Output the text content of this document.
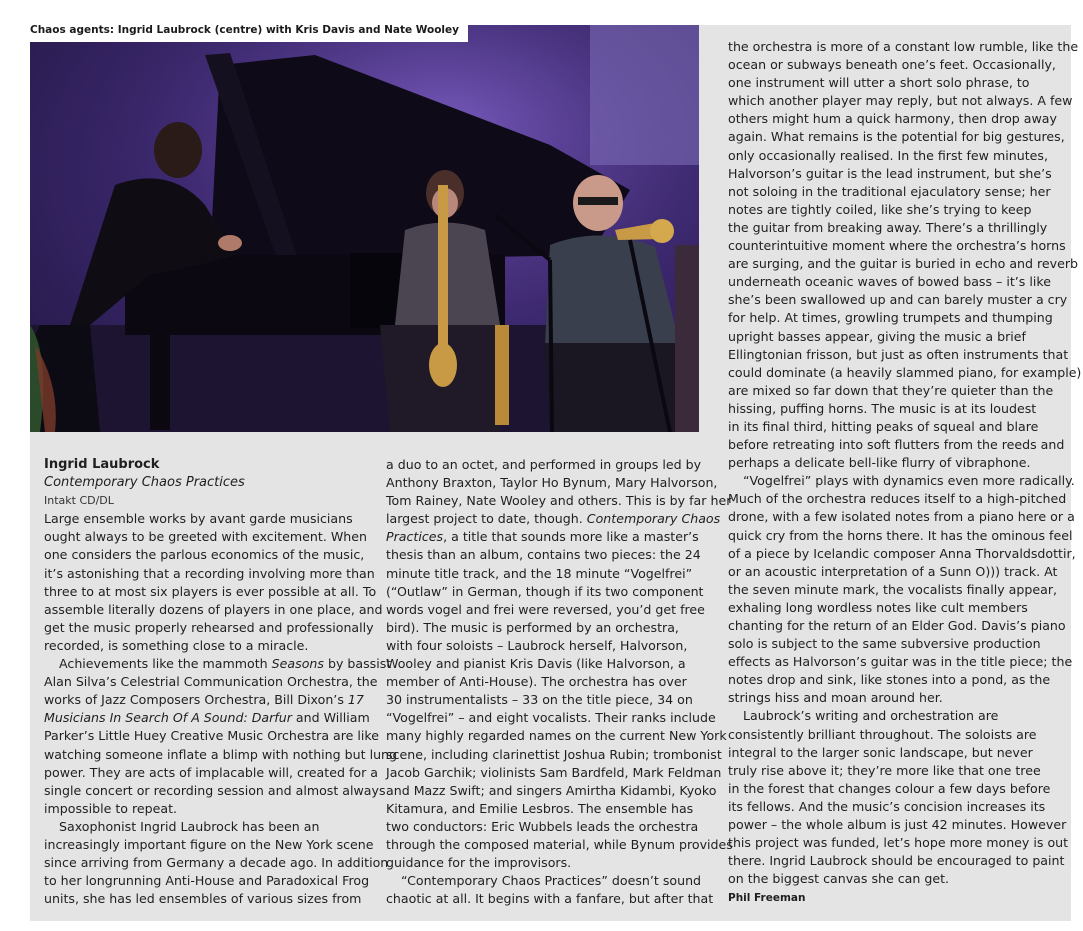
Chaos agents: Ingrid Laubrock (centre) with Kris Davis and Nate Wooley
Ingrid Laubrock
Contemporary Chaos Practices
Intakt CD/DL
Large ensemble works by avant garde musicians
ought always to be greeted with excitement. When
one considers the parlous economics of the music,
it’s astonishing that a recording involving more than
three to at most six players is ever possible at all. To
assemble literally dozens of players in one place, and
get the music properly rehearsed and professionally
recorded, is something close to a miracle.
Achievements like the mammoth Seasons by bassist
Alan Silva’s Celestrial Communication Orchestra, the
works of Jazz Composers Orchestra, Bill Dixon’s 17
Musicians In Search Of A Sound: Darfur and William
Parker’s Little Huey Creative Music Orchestra are like
watching someone inflate a blimp with nothing but lung
power. They are acts of implacable will, created for a
single concert or recording session and almost always
impossible to repeat.
Saxophonist Ingrid Laubrock has been an
increasingly important figure on the New York scene
since arriving from Germany a decade ago. In addition
to her longrunning Anti-House and Paradoxical Frog
units, she has led ensembles of various sizes from
a duo to an octet, and performed in groups led by
Anthony Braxton, Taylor Ho Bynum, Mary Halvorson,
Tom Rainey, Nate Wooley and others. This is by far her
largest project to date, though. Contemporary Chaos
Practices, a title that sounds more like a master’s
thesis than an album, contains two pieces: the 24
minute title track, and the 18 minute “Vogelfrei”
(“Outlaw” in German, though if its two component
words vogel and frei were reversed, you’d get free
bird). The music is performed by an orchestra,
with four soloists – Laubrock herself, Halvorson,
Wooley and pianist Kris Davis (like Halvorson, a
member of Anti-House). The orchestra has over
30 instrumentalists – 33 on the title piece, 34 on
“Vogelfrei” – and eight vocalists. Their ranks include
many highly regarded names on the current New York
scene, including clarinettist Joshua Rubin; trombonist
Jacob Garchik; violinists Sam Bardfeld, Mark Feldman
and Mazz Swift; and singers Amirtha Kidambi, Kyoko
Kitamura, and Emilie Lesbros. The ensemble has
two conductors: Eric Wubbels leads the orchestra
through the composed material, while Bynum provides
guidance for the improvisors.
“Contemporary Chaos Practices” doesn’t sound
chaotic at all. It begins with a fanfare, but after that
the orchestra is more of a constant low rumble, like the
ocean or subways beneath one’s feet. Occasionally,
one instrument will utter a short solo phrase, to
which another player may reply, but not always. A few
others might hum a quick harmony, then drop away
again. What remains is the potential for big gestures,
only occasionally realised. In the first few minutes,
Halvorson’s guitar is the lead instrument, but she’s
not soloing in the traditional ejaculatory sense; her
notes are tightly coiled, like she’s trying to keep
the guitar from breaking away. There’s a thrillingly
counterintuitive moment where the orchestra’s horns
are surging, and the guitar is buried in echo and reverb
underneath oceanic waves of bowed bass – it’s like
she’s been swallowed up and can barely muster a cry
for help. At times, growling trumpets and thumping
upright basses appear, giving the music a brief
Ellingtonian frisson, but just as often instruments that
could dominate (a heavily slammed piano, for example)
are mixed so far down that they’re quieter than the
hissing, puffing horns. The music is at its loudest
in its final third, hitting peaks of squeal and blare
before retreating into soft flutters from the reeds and
perhaps a delicate bell-like flurry of vibraphone.
“Vogelfrei” plays with dynamics even more radically.
Much of the orchestra reduces itself to a high-pitched
drone, with a few isolated notes from a piano here or a
quick cry from the horns there. It has the ominous feel
of a piece by Icelandic composer Anna Thorvaldsdottir,
or an acoustic interpretation of a Sunn O))) track. At
the seven minute mark, the vocalists finally appear,
exhaling long wordless notes like cult members
chanting for the return of an Elder God. Davis’s piano
solo is subject to the same subversive production
effects as Halvorson’s guitar was in the title piece; the
notes drop and sink, like stones into a pond, as the
strings hiss and moan around her.
Laubrock’s writing and orchestration are
consistently brilliant throughout. The soloists are
integral to the larger sonic landscape, but never
truly rise above it; they’re more like that one tree
in the forest that changes colour a few days before
its fellows. And the music’s concision increases its
power – the whole album is just 42 minutes. However
this project was funded, let’s hope more money is out
there. Ingrid Laubrock should be encouraged to paint
on the biggest canvas she can get.
Phil Freeman
